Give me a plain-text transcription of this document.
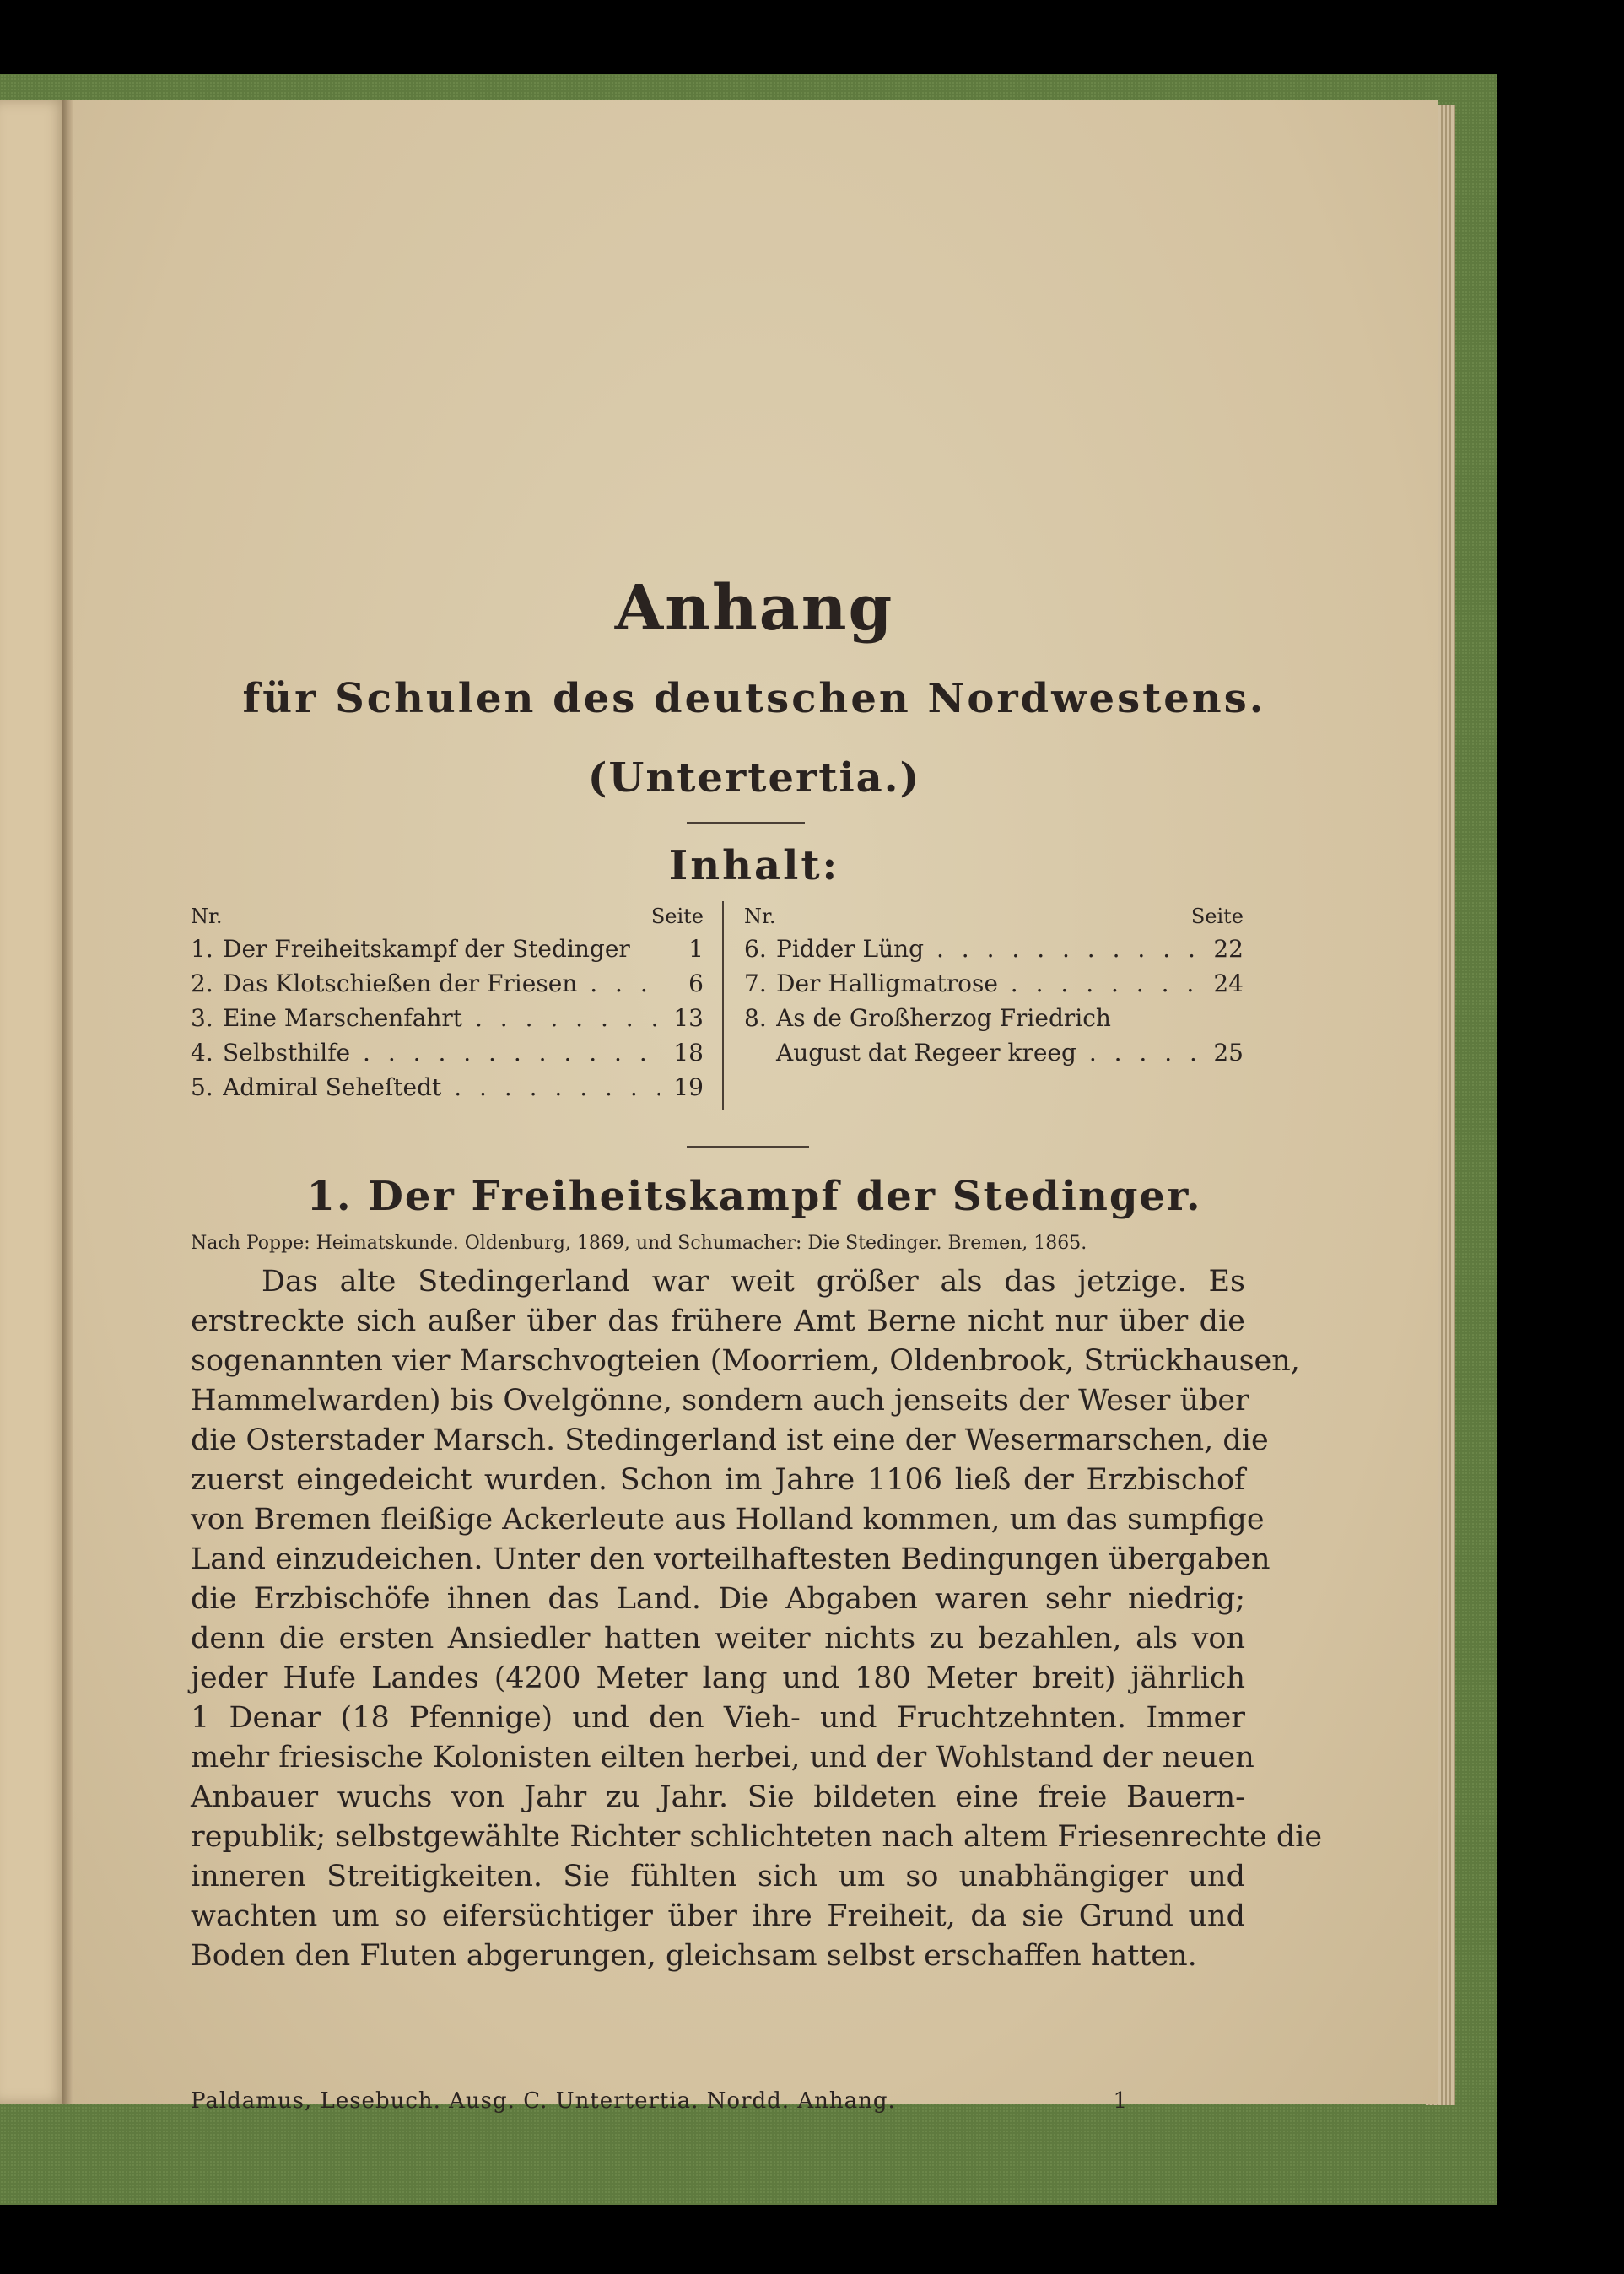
Anhang
für Schulen des deutschen Nordwestens.
(Untertertia.)
Inhalt:
Nr.	Seite
1. Der Freiheitskampf der Stedinger	1
2. Das Klotschießen der Friesen . . .	6
3. Eine Marschenfahrt . . .	13
4. Selbsthilfe . . .	18
5. Admiral Seheſtedt . . .	19
Nr.	Seite
6. Pidder Lüng . . .	22
7. Der Halligmatrose . . .	24
8. As de Großherzog Friedrich
August dat Regeer kreeg . . .	25
1. Der Freiheitskampf der Stedinger.

Nach Poppe: Heimatskunde. Oldenburg, 1869, und Schumacher: Die Stedinger. Bremen, 1865.

Das alte Stedingerland war weit größer als das jetzige. Es
erstreckte sich außer über das frühere Amt Berne nicht nur über die
sogenannten vier Marschvogteien (Moorriem, Oldenbrook, Strückhausen,
Hammelwarden) bis Ovelgönne, sondern auch jenseits der Weser über
die Osterstader Marsch. Stedingerland ist eine der Wesermarschen, die
zuerst eingedeicht wurden. Schon im Jahre 1106 ließ der Erzbischof
von Bremen fleißige Ackerleute aus Holland kommen, um das sumpfige
Land einzudeichen. Unter den vorteilhaftesten Bedingungen übergaben
die Erzbischöfe ihnen das Land. Die Abgaben waren sehr niedrig;
denn die ersten Ansiedler hatten weiter nichts zu bezahlen, als von
jeder Hufe Landes (4200 Meter lang und 180 Meter breit) jährlich
1 Denar (18 Pfennige) und den Vieh- und Fruchtzehnten. Immer
mehr friesische Kolonisten eilten herbei, und der Wohlstand der neuen
Anbauer wuchs von Jahr zu Jahr. Sie bildeten eine freie Bauern-
republik; selbstgewählte Richter schlichteten nach altem Friesenrechte die
inneren Streitigkeiten. Sie fühlten sich um so unabhängiger und
wachten um so eifersüchtiger über ihre Freiheit, da sie Grund und
Boden den Fluten abgerungen, gleichsam selbst erschaffen hatten.
Paldamus, Lesebuch. Ausg. C. Untertertia. Nordd. Anhang.	1
